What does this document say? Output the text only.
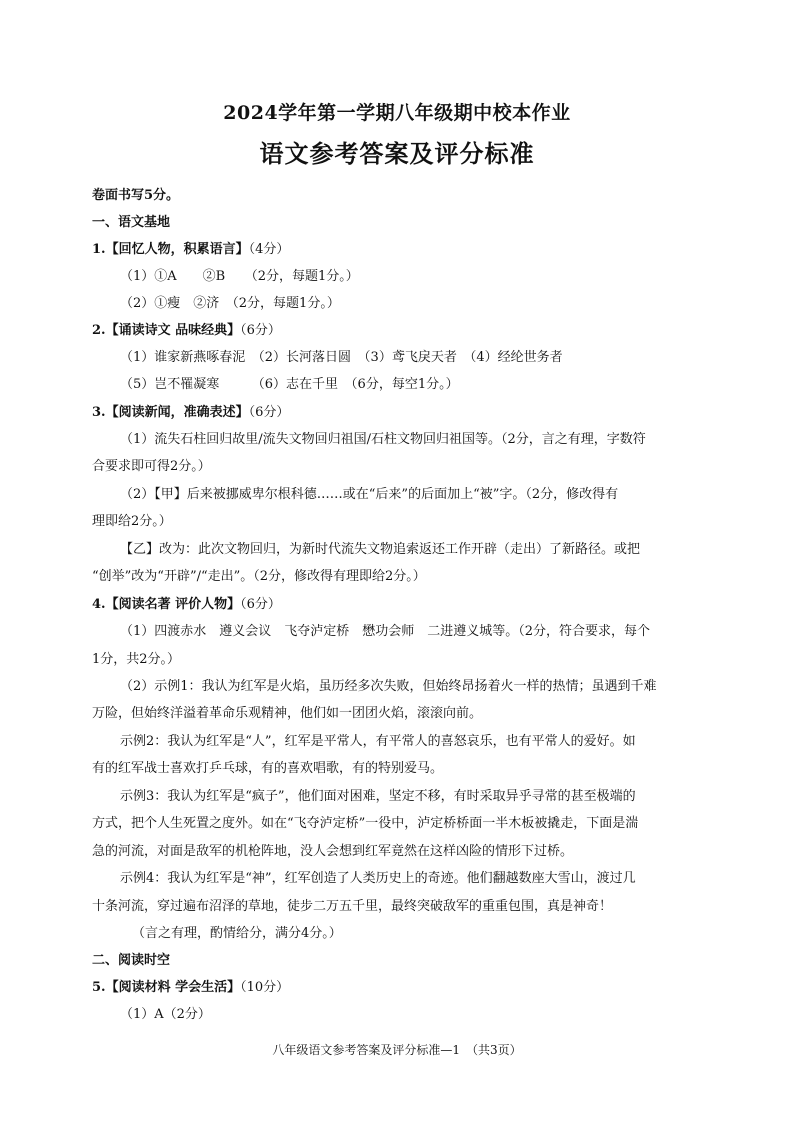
2024学年第一学期八年级期中校本作业
语文参考答案及评分标准
卷面书写5分。
一、语文基地
1.【回忆人物，积累语言】（4分）
（1）①A　　②B　　（2分，每题1分。）
（2）①瘦　②济　（2分，每题1分。）
2.【诵读诗文 品味经典】（6分）
（1）谁家新燕啄春泥　（2）长河落日圆　（3）鸢飞戾天者　（4）经纶世务者
（5）岂不罹凝寒　　　（6）志在千里　（6分，每空1分。）
3.【阅读新闻，准确表述】（6分）
（1）流失石柱回归故里/流失文物回归祖国/石柱文物回归祖国等。（2分，言之有理，字数符
合要求即可得2分。）
（2）【甲】后来被挪威卑尔根科德……或在“后来”的后面加上“被”字。（2分，修改得有
理即给2分。）
【乙】改为：此次文物回归，为新时代流失文物追索返还工作开辟（走出）了新路径。或把
“创举”改为“开辟”/“走出”。（2分，修改得有理即给2分。）
4.【阅读名著 评价人物】（6分）
（1）四渡赤水　遵义会议　飞夺泸定桥　懋功会师　二进遵义城等。（2分，符合要求，每个
1分，共2分。）
（2）示例1：我认为红军是火焰，虽历经多次失败，但始终昂扬着火一样的热情；虽遇到千难
万险，但始终洋溢着革命乐观精神，他们如一团团火焰，滚滚向前。
示例2：我认为红军是“人”，红军是平常人，有平常人的喜怒哀乐，也有平常人的爱好。如
有的红军战士喜欢打乒乓球，有的喜欢唱歌，有的特别爱马。
示例3：我认为红军是“疯子”，他们面对困难，坚定不移，有时采取异乎寻常的甚至极端的
方式，把个人生死置之度外。如在“飞夺泸定桥”一役中，泸定桥桥面一半木板被撬走，下面是湍
急的河流，对面是敌军的机枪阵地，没人会想到红军竟然在这样凶险的情形下过桥。
示例4：我认为红军是“神”，红军创造了人类历史上的奇迹。他们翻越数座大雪山，渡过几
十条河流，穿过遍布沼泽的草地，徒步二万五千里，最终突破敌军的重重包围，真是神奇！
（言之有理，酌情给分，满分4分。）
二、阅读时空
5.【阅读材料 学会生活】（10分）
（1）A（2分）
八年级语文参考答案及评分标准—1　（共3页）
